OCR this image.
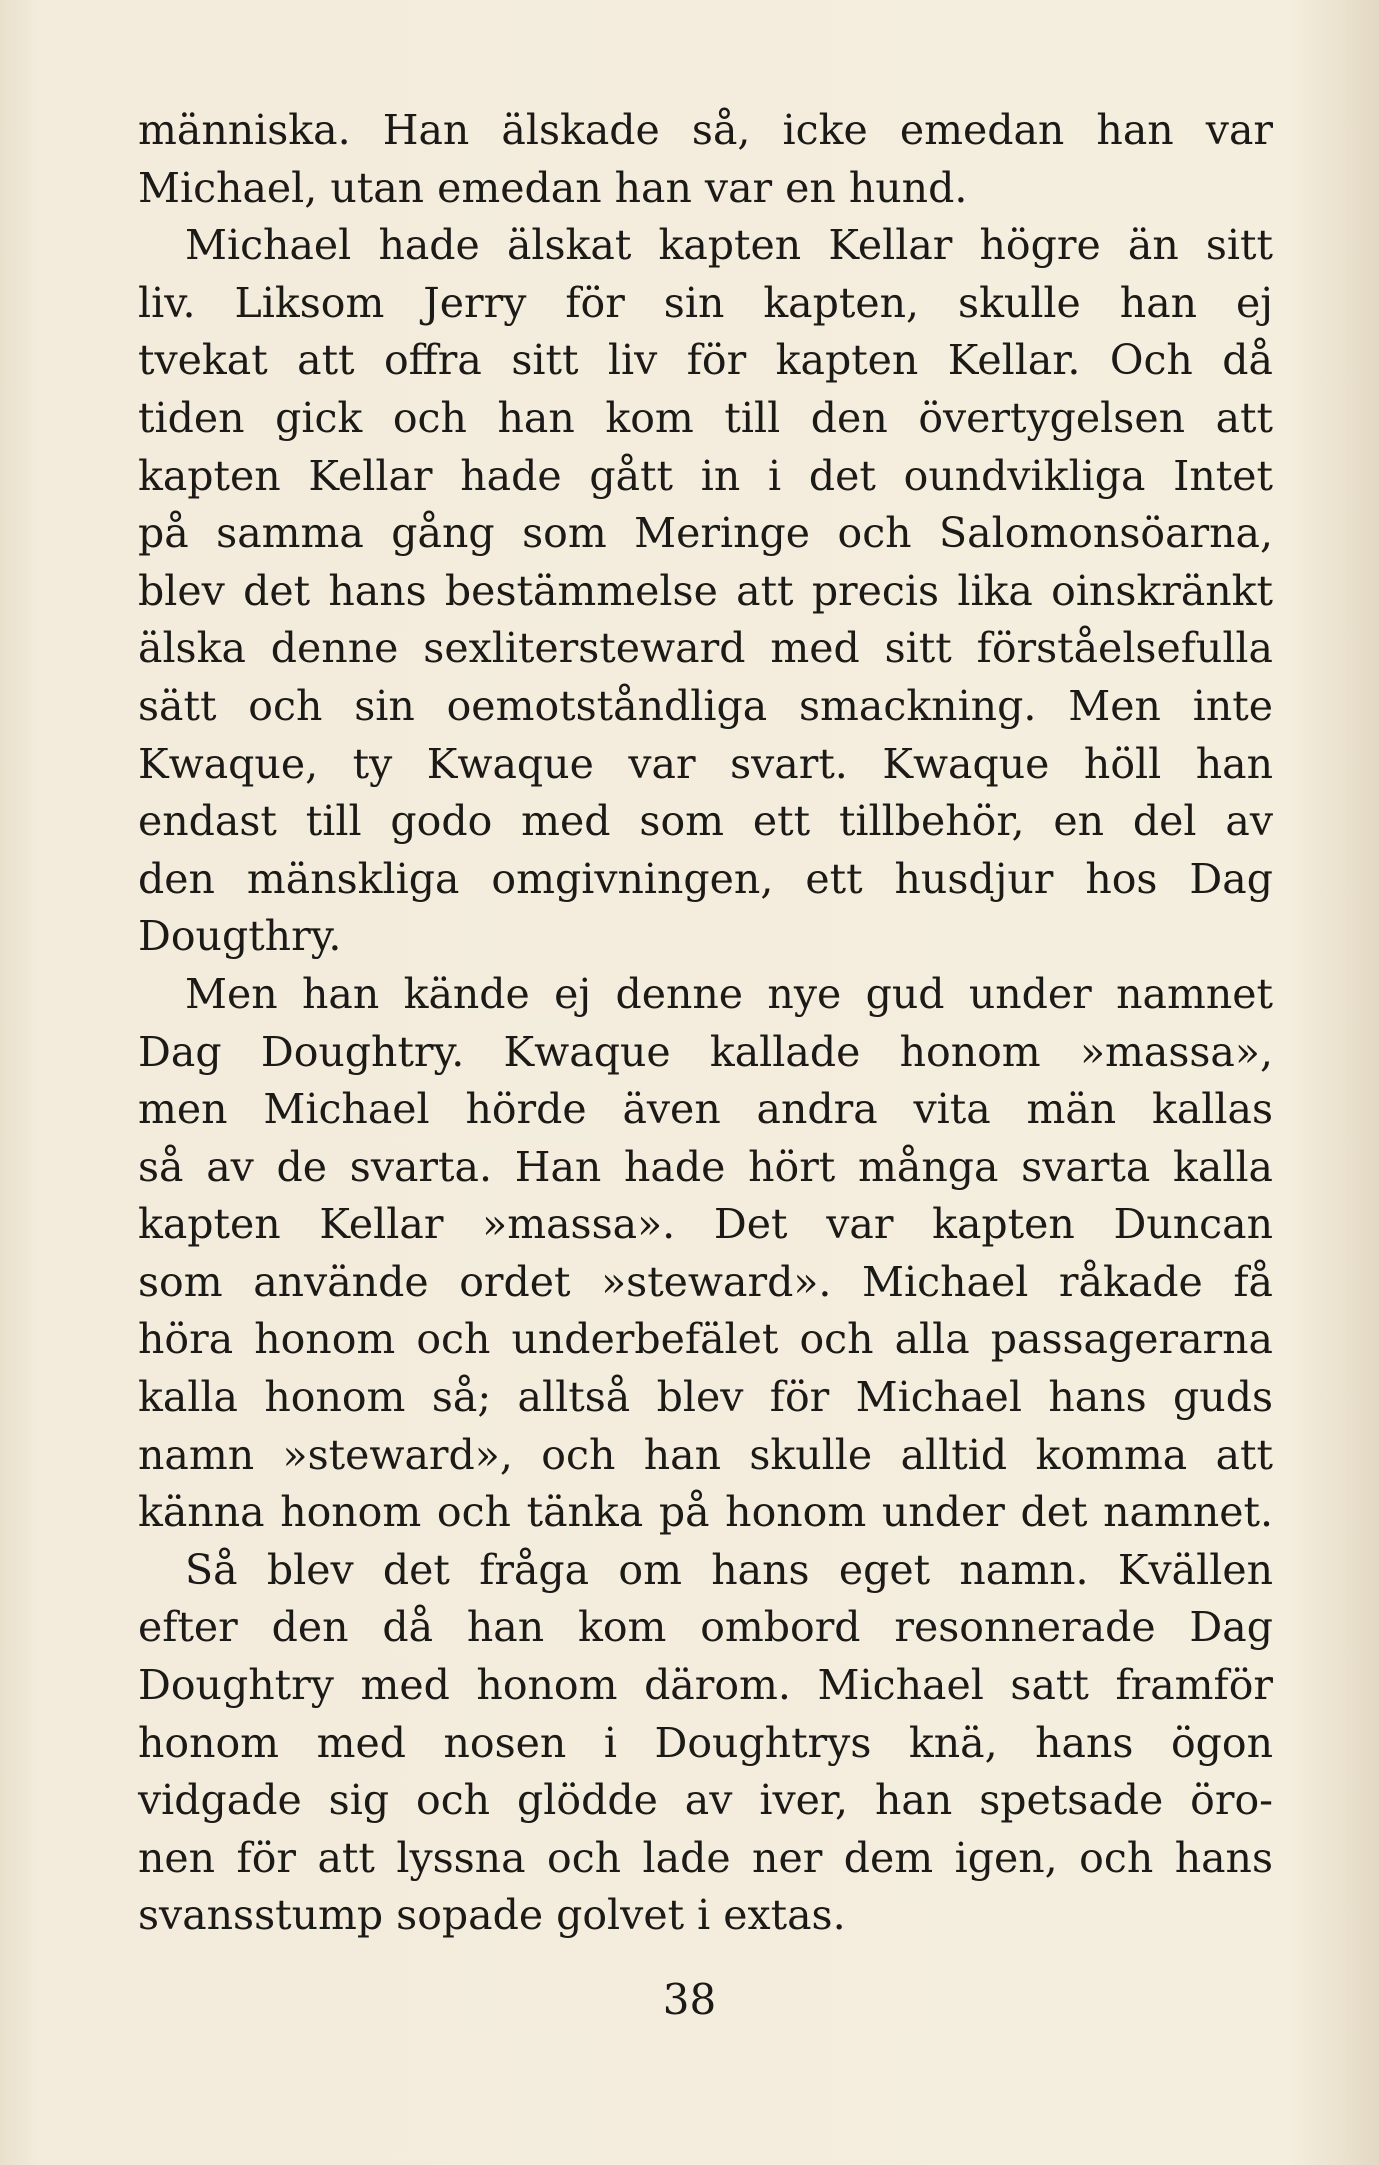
människa. Han älskade så, icke emedan han var
Michael, utan emedan han var en hund.
Michael hade älskat kapten Kellar högre än sitt
liv. Liksom Jerry för sin kapten, skulle han ej
tvekat att offra sitt liv för kapten Kellar. Och då
tiden gick och han kom till den övertygelsen att
kapten Kellar hade gått in i det oundvikliga Intet
på samma gång som Meringe och Salomonsöarna,
blev det hans bestämmelse att precis lika oinskränkt
älska denne sexlitersteward med sitt förståelsefulla
sätt och sin oemotståndliga smackning. Men inte
Kwaque, ty Kwaque var svart. Kwaque höll han
endast till godo med som ett tillbehör, en del av
den mänskliga omgivningen, ett husdjur hos Dag
Dougthry.
Men han kände ej denne nye gud under namnet
Dag Doughtry. Kwaque kallade honom »massa»,
men Michael hörde även andra vita män kallas
så av de svarta. Han hade hört många svarta kalla
kapten Kellar »massa». Det var kapten Duncan
som använde ordet »steward». Michael råkade få
höra honom och underbefälet och alla passagerarna
kalla honom så; alltså blev för Michael hans guds
namn »steward», och han skulle alltid komma att
känna honom och tänka på honom under det namnet.
Så blev det fråga om hans eget namn. Kvällen
efter den då han kom ombord resonnerade Dag
Doughtry med honom därom. Michael satt framför
honom med nosen i Doughtrys knä, hans ögon
vidgade sig och glödde av iver, han spetsade öro-
nen för att lyssna och lade ner dem igen, och hans
svansstump sopade golvet i extas.
38
